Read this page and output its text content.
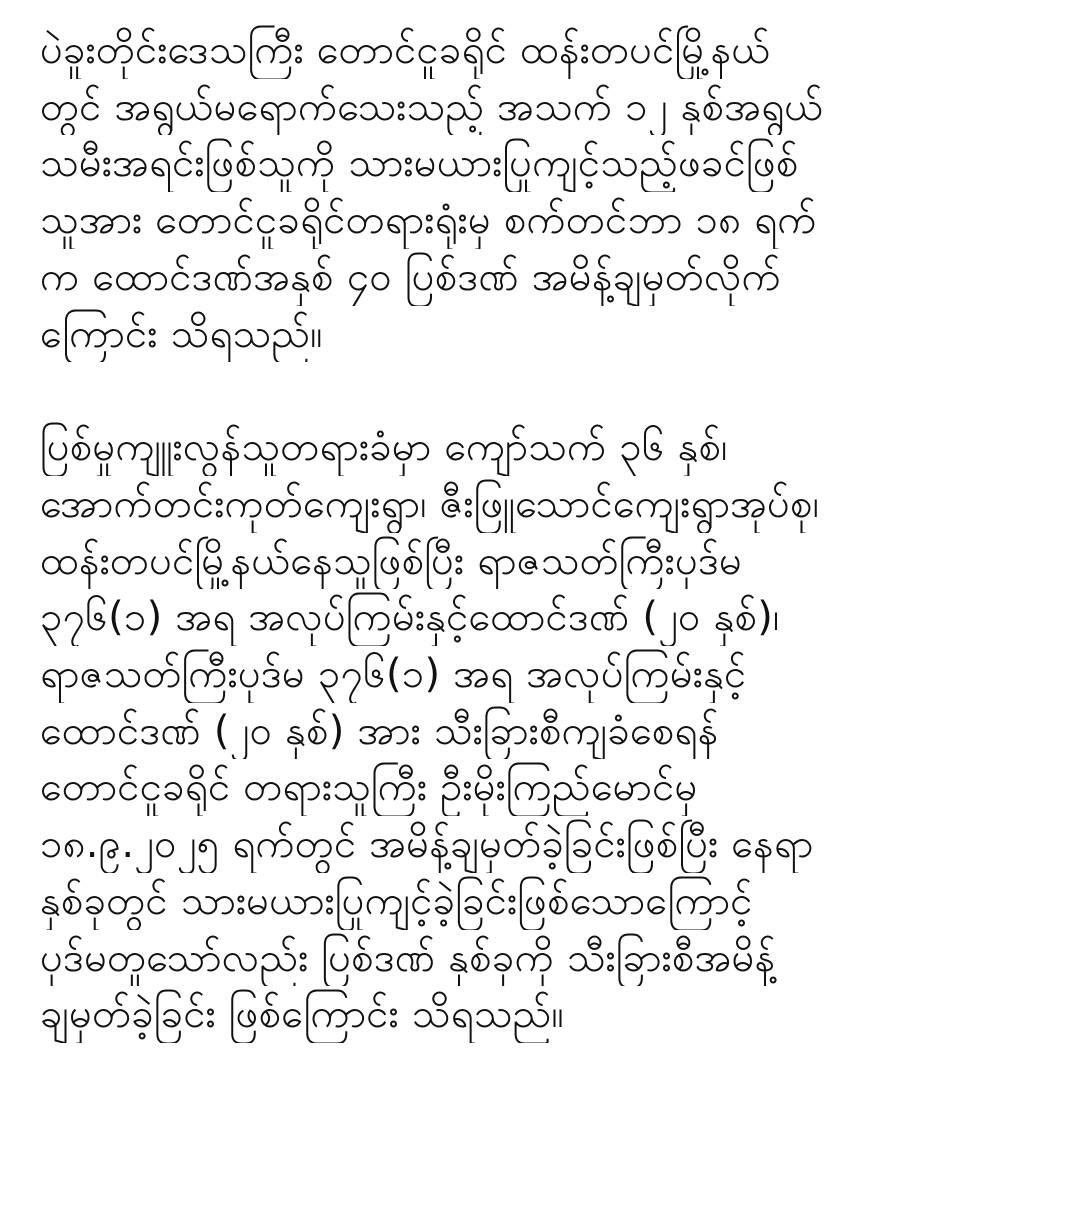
ပဲခူးတိုင်းဒေသကြီး တောင်ငူခရိုင် ထန်းတပင်မြို့နယ်
တွင် အရွယ်မရောက်သေးသည့် အသက် ၁၂ နှစ်အရွယ်
သမီးအရင်းဖြစ်သူကို သားမယားပြုကျင့်သည့်ဖခင်ဖြစ်
သူအား တောင်ငူခရိုင်တရားရုံးမှ စက်တင်ဘာ ၁၈ ရက်
က ထောင်ဒဏ်အနှစ် ၄၀ ပြစ်ဒဏ် အမိန့်ချမှတ်လိုက်
ကြောင်း သိရသည်။
ပြစ်မှုကျူးလွန်သူတရားခံမှာ ကျော်သက် ၃၆ နှစ်၊
အောက်တင်းကုတ်ကျေးရွာ၊ ဇီးဖြူသောင်ကျေးရွာအုပ်စု၊
ထန်းတပင်မြို့နယ်နေသူဖြစ်ပြီး ရာဇသတ်ကြီးပုဒ်မ
၃၇၆(၁) အရ အလုပ်ကြမ်းနှင့်ထောင်ဒဏ် (၂၀ နှစ်)၊
ရာဇသတ်ကြီးပုဒ်မ ၃၇၆(၁) အရ အလုပ်ကြမ်းနှင့်
ထောင်ဒဏ် (၂၀ နှစ်) အား သီးခြားစီကျခံစေရန်
တောင်ငူခရိုင် တရားသူကြီး ဦးမိုးကြည်မောင်မှ
၁၈.၉.၂၀၂၅ ရက်တွင် အမိန့်ချမှတ်ခဲ့ခြင်းဖြစ်ပြီး နေရာ
နှစ်ခုတွင် သားမယားပြုကျင့်ခဲ့ခြင်းဖြစ်သောကြောင့်
ပုဒ်မတူသော်လည်း ပြစ်ဒဏ် နှစ်ခုကို သီးခြားစီအမိန့်
ချမှတ်ခဲ့ခြင်း ဖြစ်ကြောင်း သိရသည်။
